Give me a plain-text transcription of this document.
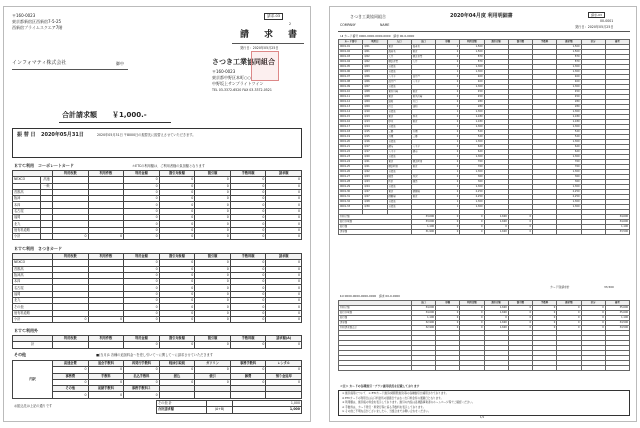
〒160-0023
東京都新宿区西新宿7-5-25
西新宿プライムスクエア7階
請求-03
2
請　求　書
発行日：2020年05月25日
インフォマティ株式会社	御中	さつき工業協同組合
〒160-0023
東京都中野区本町○○
中野坂上サンブライトツイン
TEL 03-3372-6520 FAX 03-3372-0521
合計請求額 ￥1,000.-
振 替 日 2020年05月31日	2020年05月31日 〒8000日の振替先に振替えさせていただきます。
ＥＴＣ利用　コーポレートカード	＊ETCの利用額は、ご利用者様の負担額となります
		利用枚数	利用件数	利用金額	割引対象額	割引額	手数料額	請求額
NEXCO	高速			0	0	0	0	0
	一般			0	0	0	0	0
首都高				0	0	0	0	0
阪神				0	0	0	0	0
本四				0	0	0	0	0
名古屋				0	0	0	0	0
福岡				0	0	0	0	0
北九				0	0	0	0	0
他有料道路				0	0	0	0	0
小計		0	0	0	0	0	0	0
ＥＴＣ利用　さつきカード
	利用枚数	利用件数	利用金額	割引対象額	割引額	手数料額	請求額
NEXCO			0	0	0	0	0
首都高			0	0	0	0	0
阪神高			0	0	0	0	0
本四			0	0	0	0	0
名古屋			0	0	0	0	0
福岡			0	0	0	0	0
北九			0	0	0	0	0
その他			0	0	0	0	0
他有料道路			0	0	0	0	0
小計	0	0	0	0	0	0	0
ＥＴＣ利用外
	利用枚数	利用件数	利用金額	割引対象額	割引額	手数料額	請求額(A)
計			0	0	0	0	0
その他	■(当月)1 各種の追加料金〜を差し引いて〜に関して〜に請求させていただきます
内訳	高速会費	退会手数料	再発行手数料	軽油引取税	ガソリン	事務手数料	レンタル
	0	0	0	0	0	0	0
	事務費	手数料	払込手数料	振込	値引	雑費	預り金返却
	0	0	0	0	0	0	0
	その他	前納手数料	事務手数料２				
	0	0	0				
お振込先は上記の通りです
その他 計		1,000
合計請求額	(A+B)	1,000
さつき工業協同組合	2020年04月度 利用明細書	請求-03
COMPANY	NAME
00-0001
発行日：2020年05月25日
Ⅰ-Ⅱ カード番号 0000-0000-0000-0000　請求 00-0-0000
カード番号	利用日	入口	出口	車種	利用金額	割引対象	割引額	手数料	請求額	区分	備考
0001-01	4/01	東京	海老名	2	1,500				1,500		
0001-02	4/01	海老名	東京	2	1,500				1,500		
0001-03	4/02	大井	横浜青葉	2	870				870		
0001-04	4/02	横浜青葉	大井	2	870				870		
0001-05	4/03	首都高		1	1,300				1,300		
0001-06	4/03	首都高		1	1,300				1,300		
0001-07	4/06	八王子	高井戸	2	400				400		
0001-08	4/06	高井戸	八王子	2	400				400		
0001-09	4/07	首都高		1	1,300				1,300		
0001-10	4/08	東名川崎	東京	2	450				450		
0001-11	4/08	東京	東名川崎	2	450				450		
0001-12	4/09	浦和	川口	2	280				280		
0001-13	4/09	川口	浦和	2	280				280		
0001-14	4/10	首都高		1	1,300				1,300		
0001-15	4/13	東京	厚木	2	1,180				1,180		
0001-16	4/13	厚木	東京	2	1,180				1,180		
0001-17	4/14	首都高		1	1,300				1,300		
0001-18	4/15	三郷	外環	2	520				520		
0001-19	4/15	外環	三郷	2	520				520		
0001-20	4/16	首都高		1	1,300				1,300		
0001-21	4/17	調布	八王子	2	620				620		
0001-22	4/17	八王子	調布	2	620				620		
0001-23	4/20	首都高		1	1,300				1,300		
0001-24	4/21	東京	横浜町田	2	760				760		
0001-25	4/21	横浜町田	東京	2	760				760		
0001-26	4/22	首都高		1	1,300				1,300		
0001-27	4/23	練馬	所沢	2	360				360		
0001-28	4/23	所沢	練馬	2	360				360		
0001-29	4/24	首都高		1	1,300				1,300		
0001-30	4/27	東京	御殿場	2	2,250				2,250		
0001-31	4/27	御殿場	東京	2	2,250				2,250		
0001-32	4/28	首都高		1	1,300				1,300		
0001-33	4/30	首都高		1	1,300				1,300		

利用金額			33,000	0	0	1,600	0				34,600
割引対象額			33,000	0	0	1,600	0				34,600
割引額			1,100	0	0	0	0				1,100
請求額			31,900	0	0	1,600	0				33,500
カード別請求計	33,500
Ⅱ-Ⅱ 0000-0000-0000-0000　請求 00-0-0000
	出口	車種	利用金額	割引対象	割引額	手数料	請求額	区分	備考
利用金額	34,000	0	0	1,600	0	0	0	0	35,600
割引対象額	34,000	0	0	1,600	0	0	0	0	35,600
割引額	1,100	0	0	0	0	0	0	0	1,100
請求額	32,900	0	0	1,600	0	0	0	0	34,500
利用請求額合計	32,900	0	0	1,600	0	0	0	0	34,500

＜注＞ カードの各種割引・プラン適用状況を記載しております
① 割引適用について　① ETCカード割引(時間帯割引)等の各種割引が適用されております。
② ETCカードの利用日は入口料金所の通過日ではなく出口料金所の通過日となります。
③ 利用額は、割引後の料金を表示しております。割引の内容は各道路事業者のホームページ等でご確認ください。
④ 手数料は、カード発行・再発行等に係る手数料を表示しております。
⑤ その他ご不明な点がございましたら、当組合までお問い合わせください。
1/1
